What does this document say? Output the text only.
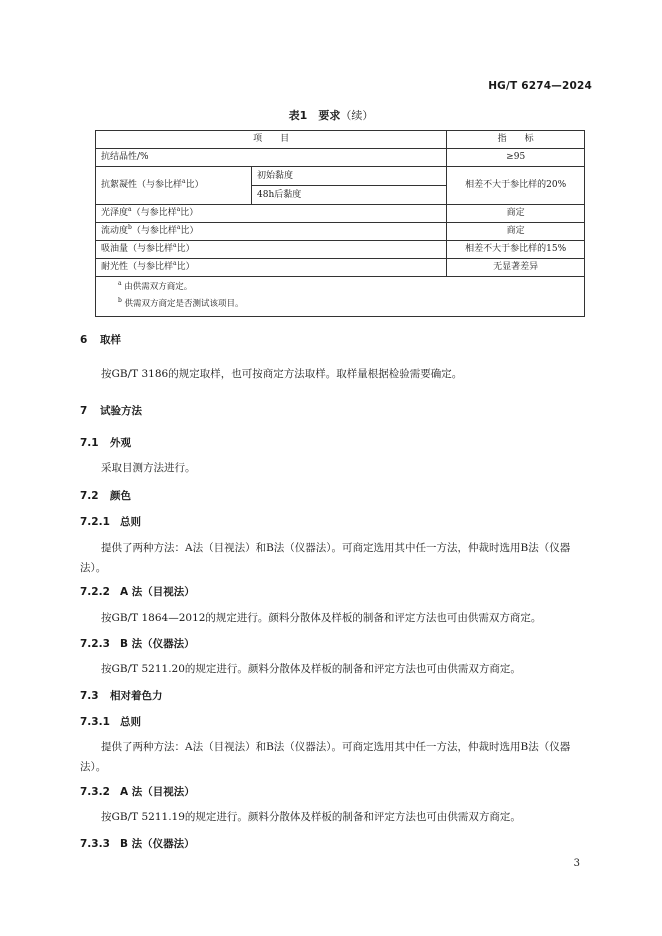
HG/T 6274—2024
表1　要求（续）
项　　目		指　　标
抗结晶性/%		≥95
抗絮凝性（与参比样$^a$比）	初始黏度	相差不大于参比样的20%
	48h后黏度	
光泽度$^a$（与参比样$^a$比）		商定
流动度$^b$（与参比样$^a$比）		商定
吸油量（与参比样$^a$比）		相差不大于参比样的15%
耐光性（与参比样$^a$比）		无显著差异

$^a$ 由供需双方商定。
$^b$ 供需双方商定是否测试该项目。		
6 取样
按GB/T 3186的规定取样，也可按商定方法取样。取样量根据检验需要确定。
7 试验方法
7.1 外观
采取目测方法进行。
7.2 颜色
7.2.1 总则
提供了两种方法：A法（目视法）和B法（仪器法）。可商定选用其中任一方法，仲裁时选用B法（仪器法）。
7.2.2 A 法（目视法）
按GB/T 1864—2012的规定进行。颜料分散体及样板的制备和评定方法也可由供需双方商定。
7.2.3 B 法（仪器法）
按GB/T 5211.20的规定进行。颜料分散体及样板的制备和评定方法也可由供需双方商定。
7.3 相对着色力
7.3.1 总则
提供了两种方法：A法（目视法）和B法（仪器法）。可商定选用其中任一方法，仲裁时选用B法（仪器法）。
7.3.2 A 法（目视法）
按GB/T 5211.19的规定进行。颜料分散体及样板的制备和评定方法也可由供需双方商定。
7.3.3 B 法（仪器法）
3
